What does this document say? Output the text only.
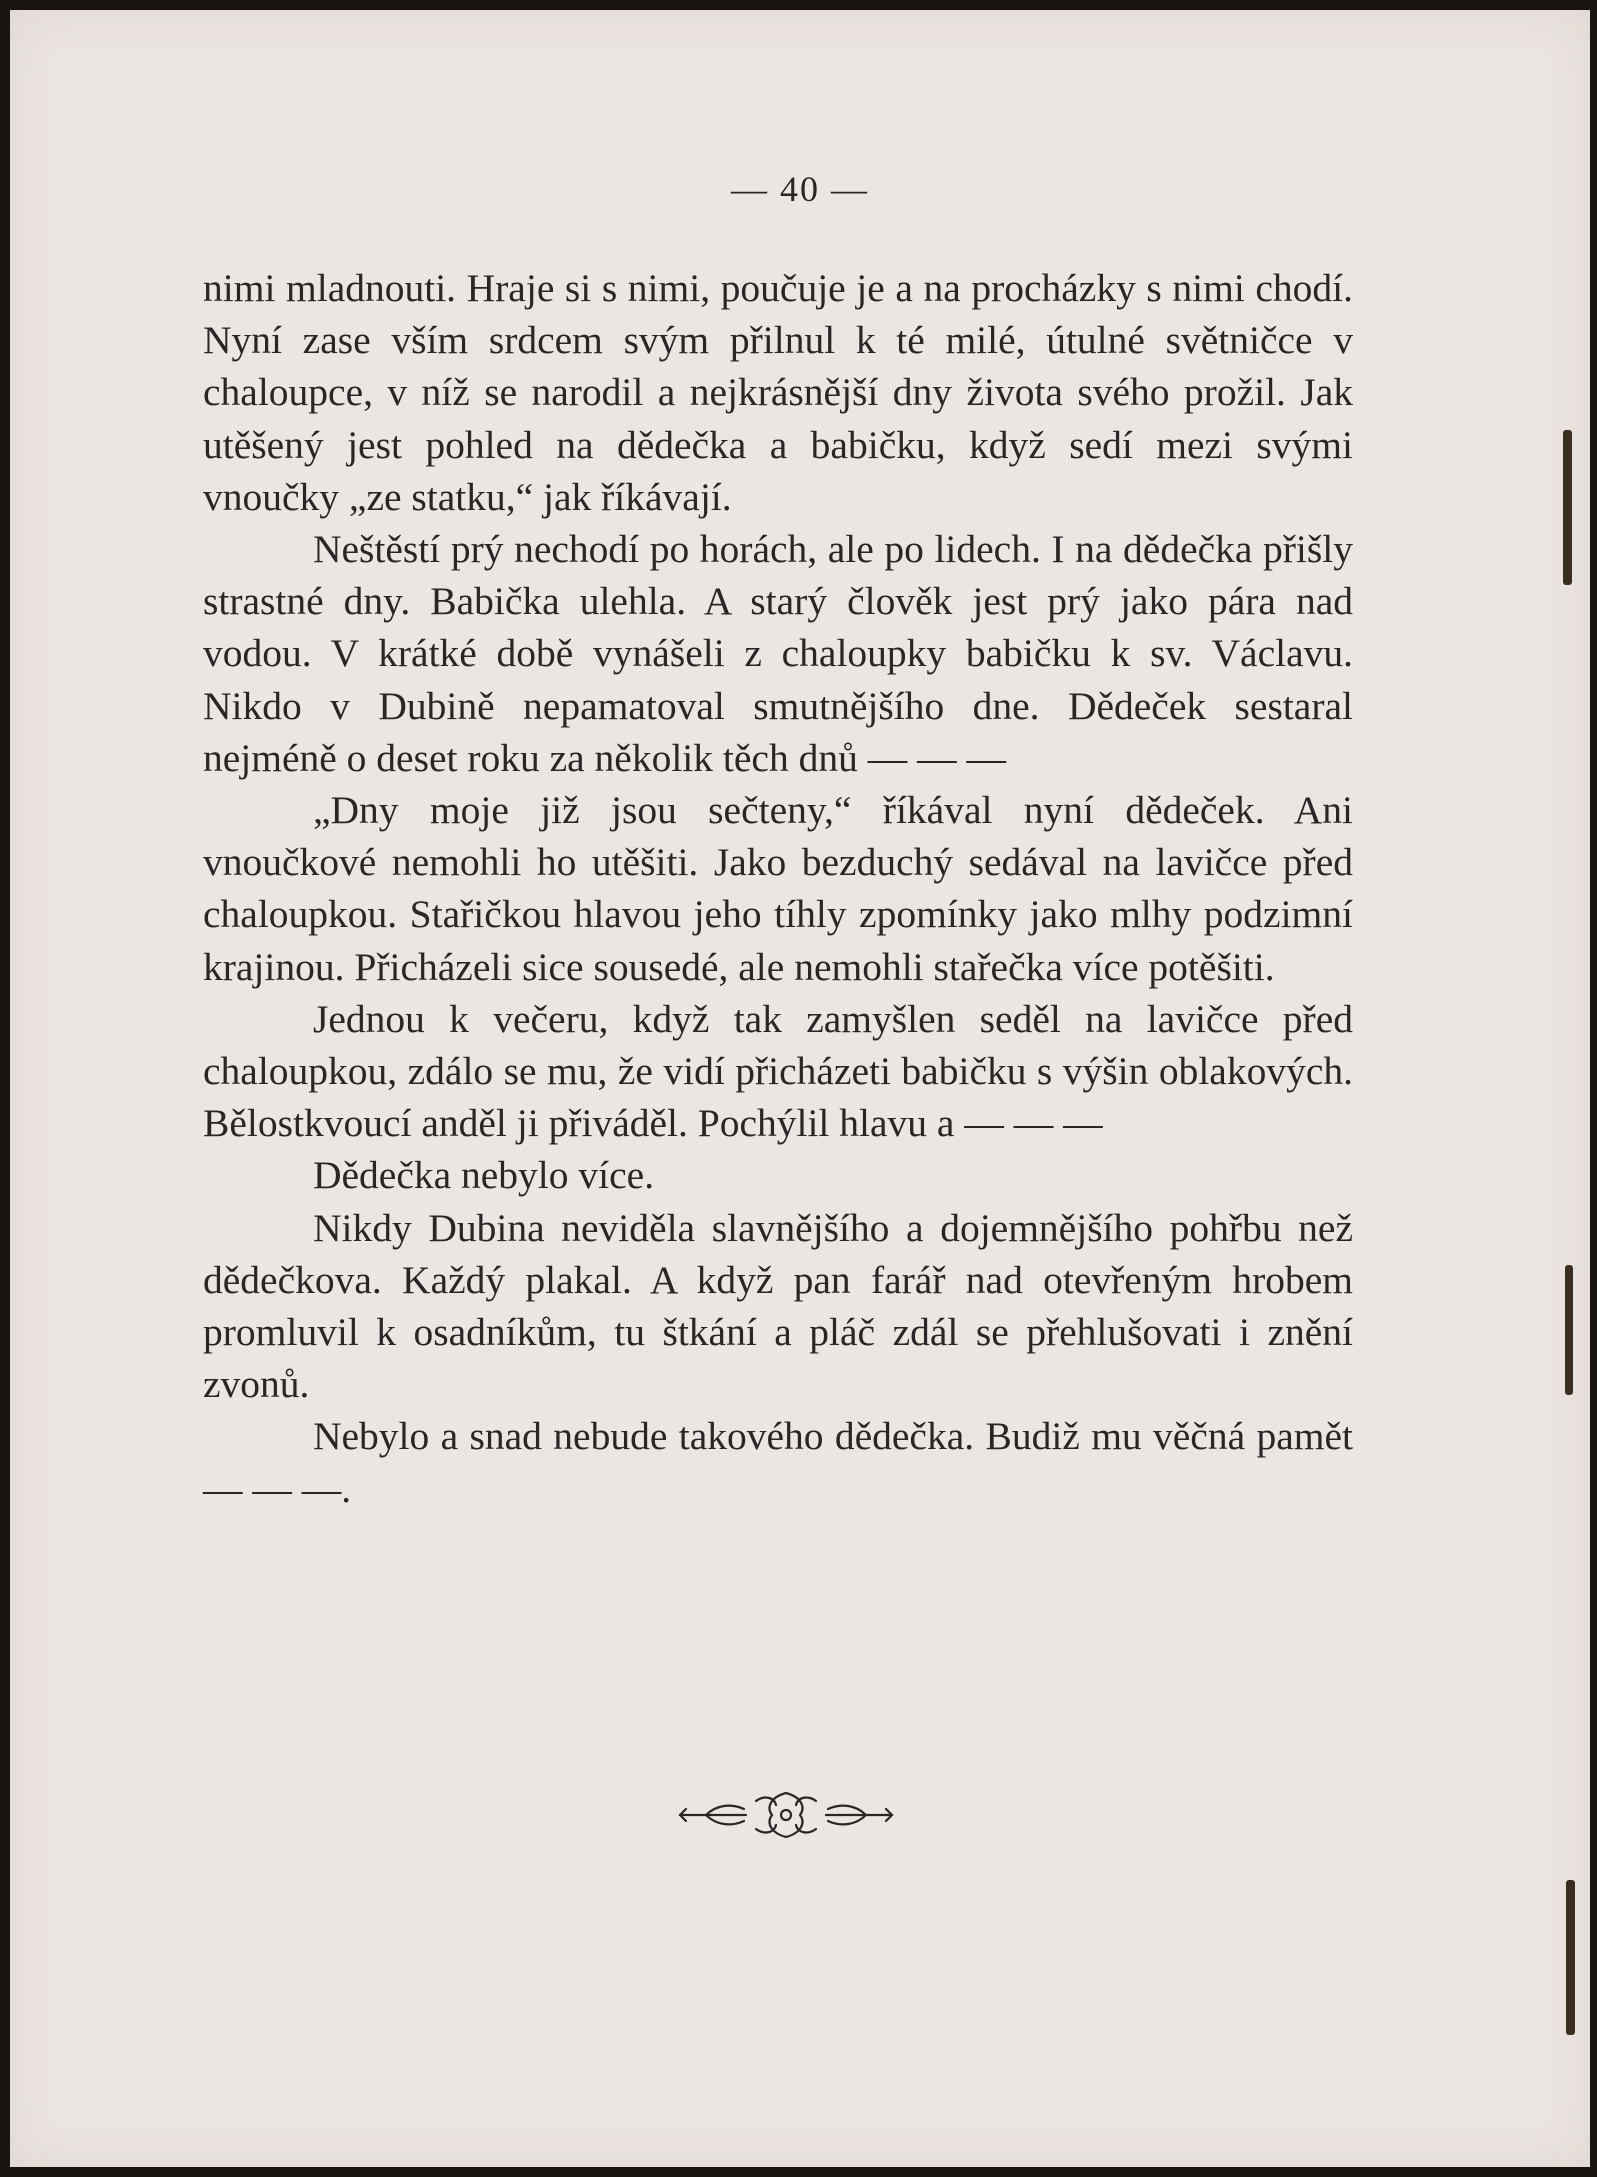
— 40 —

nimi mladnouti. Hraje si s nimi, poučuje je a na procházky s nimi chodí. Nyní zase vším srdcem svým přilnul k té milé, útulné světničce v chaloupce, v níž se narodil a nejkrásnější dny života svého prožil. Jak utěšený jest pohled na dědečka a babičku, když sedí mezi svými vnoučky „ze statku,“ jak říkávají.

Neštěstí prý nechodí po horách, ale po lidech. I na dědečka přišly strastné dny. Babička ulehla. A starý člověk jest prý jako pára nad vodou. V krátké době vynášeli z chaloupky babičku k sv. Václavu. Nikdo v Dubině nepamatoval smutnějšího dne. Dědeček sestaral nejméně o deset roku za několik těch dnů — — —

„Dny moje již jsou sečteny,“ říkával nyní dědeček. Ani vnoučkové nemohli ho utěšiti. Jako bezduchý sedával na lavičce před chaloupkou. Stařičkou hlavou jeho tíhly zpomínky jako mlhy podzimní krajinou. Přicházeli sice sousedé, ale nemohli stařečka více potěšiti.

Jednou k večeru, když tak zamyšlen seděl na lavičce před chaloupkou, zdálo se mu, že vidí přicházeti babičku s výšin oblakových. Bělostkvoucí anděl ji přiváděl. Pochýlil hlavu a — — —

Dědečka nebylo více.

Nikdy Dubina neviděla slavnějšího a dojemnějšího pohřbu než dědečkova. Každý plakal. A když pan farář nad otevřeným hrobem promluvil k osadníkům, tu štkání a pláč zdál se přehlušovati i znění zvonů.

Nebylo a snad nebude takového dědečka. Budiž mu věčná pamět — — —.
